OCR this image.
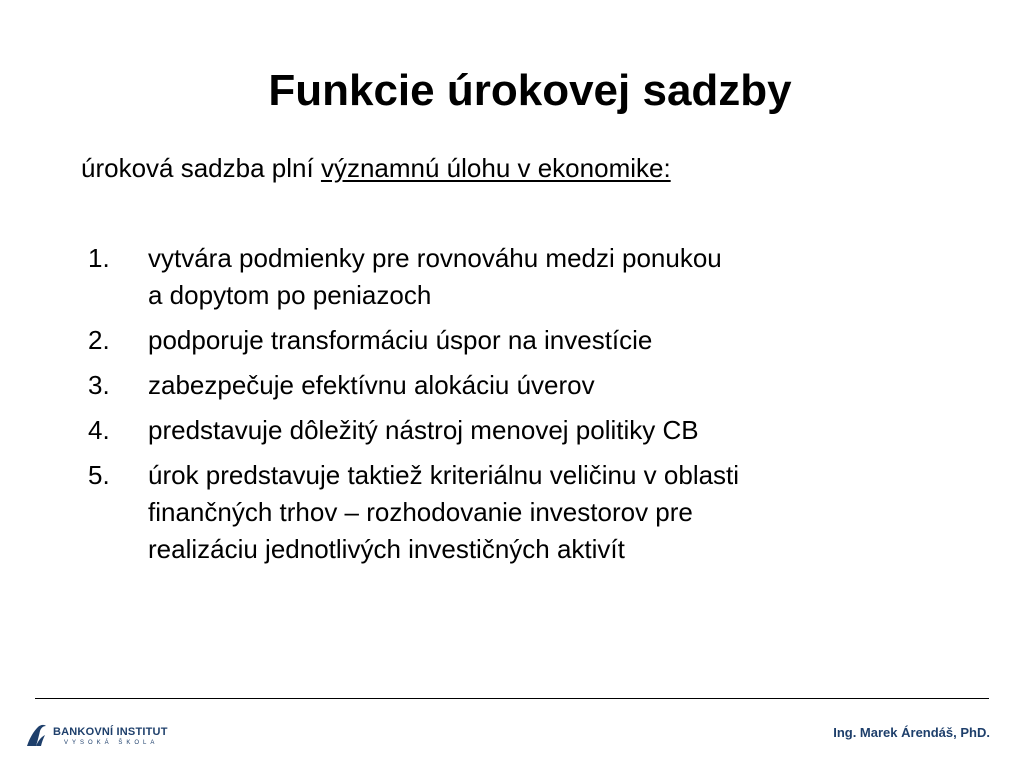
Funkcie úrokovej sadzby
úroková sadzba plní významnú úlohu v ekonomike:
1. vytvára podmienky pre rovnováhu medzi ponukou
a dopytom po peniazoch
2. podporuje transformáciu úspor na investície
3. zabezpečuje efektívnu alokáciu úverov
4. predstavuje dôležitý nástroj menovej politiky CB
5. úrok predstavuje taktiež kriteriálnu veličinu v oblasti
finančných trhov – rozhodovanie investorov pre
realizáciu jednotlivých investičných aktivít
BANKOVNÍ INSTITUT
VYSOKÁ ŠKOLA
Ing. Marek Árendáš, PhD.
